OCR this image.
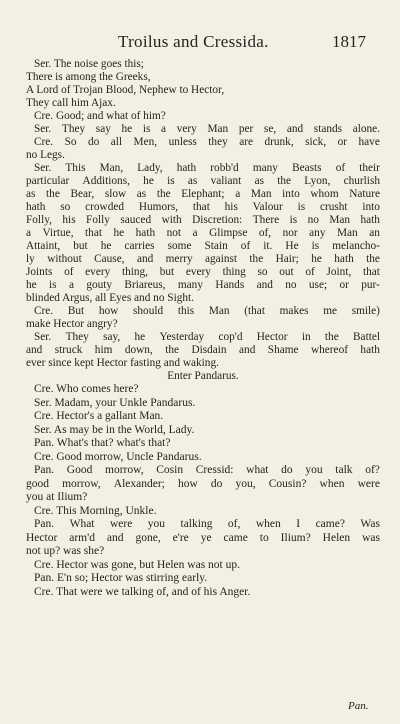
Troilus and Cressida.	1817
Ser. The noise goes this;
There is among the Greeks,
A Lord of Trojan Blood, Nephew to Hector,
They call him Ajax.
Cre. Good; and what of him?
Ser. They say he is a very Man per se, and stands alone.
Cre. So do all Men, unless they are drunk, sick, or have
no Legs.
Ser. This Man, Lady, hath robb'd many Beasts of their
particular Additions, he is as valiant as the Lyon, churlish
as the Bear, slow as the Elephant; a Man into whom Nature
hath so crowded Humors, that his Valour is crusht into
Folly, his Folly sauced with Discretion: There is no Man hath
a Virtue, that he hath not a Glimpse of, nor any Man an
Attaint, but he carries some Stain of it. He is melancho-
ly without Cause, and merry against the Hair; he hath the
Joints of every thing, but every thing so out of Joint, that
he is a gouty Briareus, many Hands and no use; or pur-
blinded Argus, all Eyes and no Sight.
Cre. But how should this Man (that makes me smile)
make Hector angry?
Ser. They say, he Yesterday cop'd Hector in the Battel
and struck him down, the Disdain and Shame whereof hath
ever since kept Hector fasting and waking.
Enter Pandarus.
Cre. Who comes here?
Ser. Madam, your Unkle Pandarus.
Cre. Hector's a gallant Man.
Ser. As may be in the World, Lady.
Pan. What's that? what's that?
Cre. Good morrow, Uncle Pandarus.
Pan. Good morrow, Cosin Cressid: what do you talk of?
good morrow, Alexander; how do you, Cousin? when were
you at Ilium?
Cre. This Morning, Unkle.
Pan. What were you talking of, when I came? Was
Hector arm'd and gone, e're ye came to Ilium? Helen was
not up? was she?
Cre. Hector was gone, but Helen was not up.
Pan. E'n so; Hector was stirring early.
Cre. That were we talking of, and of his Anger.
Pan.
